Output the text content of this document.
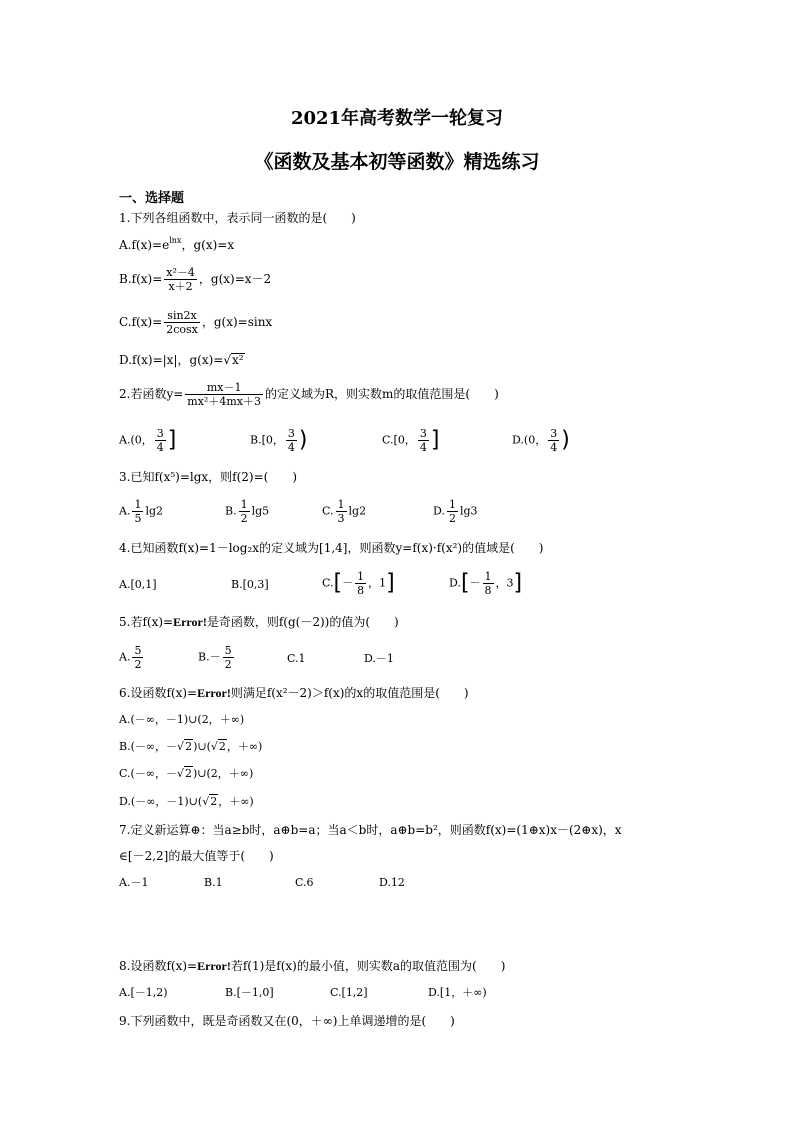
2021年高考数学一轮复习
《函数及基本初等函数》精选练习
一、选择题
1.下列各组函数中，表示同一函数的是(　　)
$A.f(x)=e^{lnx}$，g(x)=x
$B.f(x)= \frac{\text{x²－4}}{x+2}$ ，g(x)=x－2
$C.f(x)= \frac{\sin 2x}{2\cos x}$ ，g(x)=sinx
D.f(x)=|x|，g(x)=√x²
2.若函数$y= \frac{mx-1}{\text{mx²＋4mx＋3}}$ 的定义域为R，则实数m的取值范围是(　　)
A.(0， $\frac{3}{4}$ ]	B.[0， $\frac{3}{4}$ )	C.[0， $\frac{3}{4}$ ]	D.(0， $\frac{3}{4}$ )
3.已知f(x⁵)=lgx，则f(2)=(　　)
A. $\frac{1}{5} \lg 2$	B. $\frac{1}{2} \lg 5$	C. $\frac{1}{3} \lg 2$	D. $\frac{1}{2} \lg 3$
4.已知函数f(x)=1－log₂x的定义域为[1,4]，则函数y=f(x)·f(x²)的值域是(　　)
A.[0,1]	B.[0,3]	$C.[- \frac{1}{8}$ ，1]	$D.[- \frac{1}{8}$ ，3]
5.若f(x)=Error!是奇函数，则f(g(－2))的值为(　　)
A. $\frac{5}{2}$	$B.- \frac{5}{2}$	C.1	D.－1
6.设函数f(x)=Error!则满足f(x²－2)＞f(x)的x的取值范围是(　　)
A.(－∞，－1)∪(2，＋∞)
B.(－∞，－√2)∪(√2，＋∞)
C.(－∞，－√2)∪(2，＋∞)
D.(－∞，－1)∪(√2，＋∞)
7.定义新运算⊕：当a≥b时，a⊕b=a；当a＜b时，a⊕b=b²，则函数f(x)=(1⊕x)x－(2⊕x)，x
∈[－2,2]的最大值等于(　　)
A.－1	B.1	C.6	D.12
8.设函数f(x)=Error!若f(1)是f(x)的最小值，则实数a的取值范围为(　　)
A.[－1,2)	B.[－1,0]	C.[1,2]	D.[1，＋∞)
9.下列函数中，既是奇函数又在(0，＋∞)上单调递增的是(　　)
